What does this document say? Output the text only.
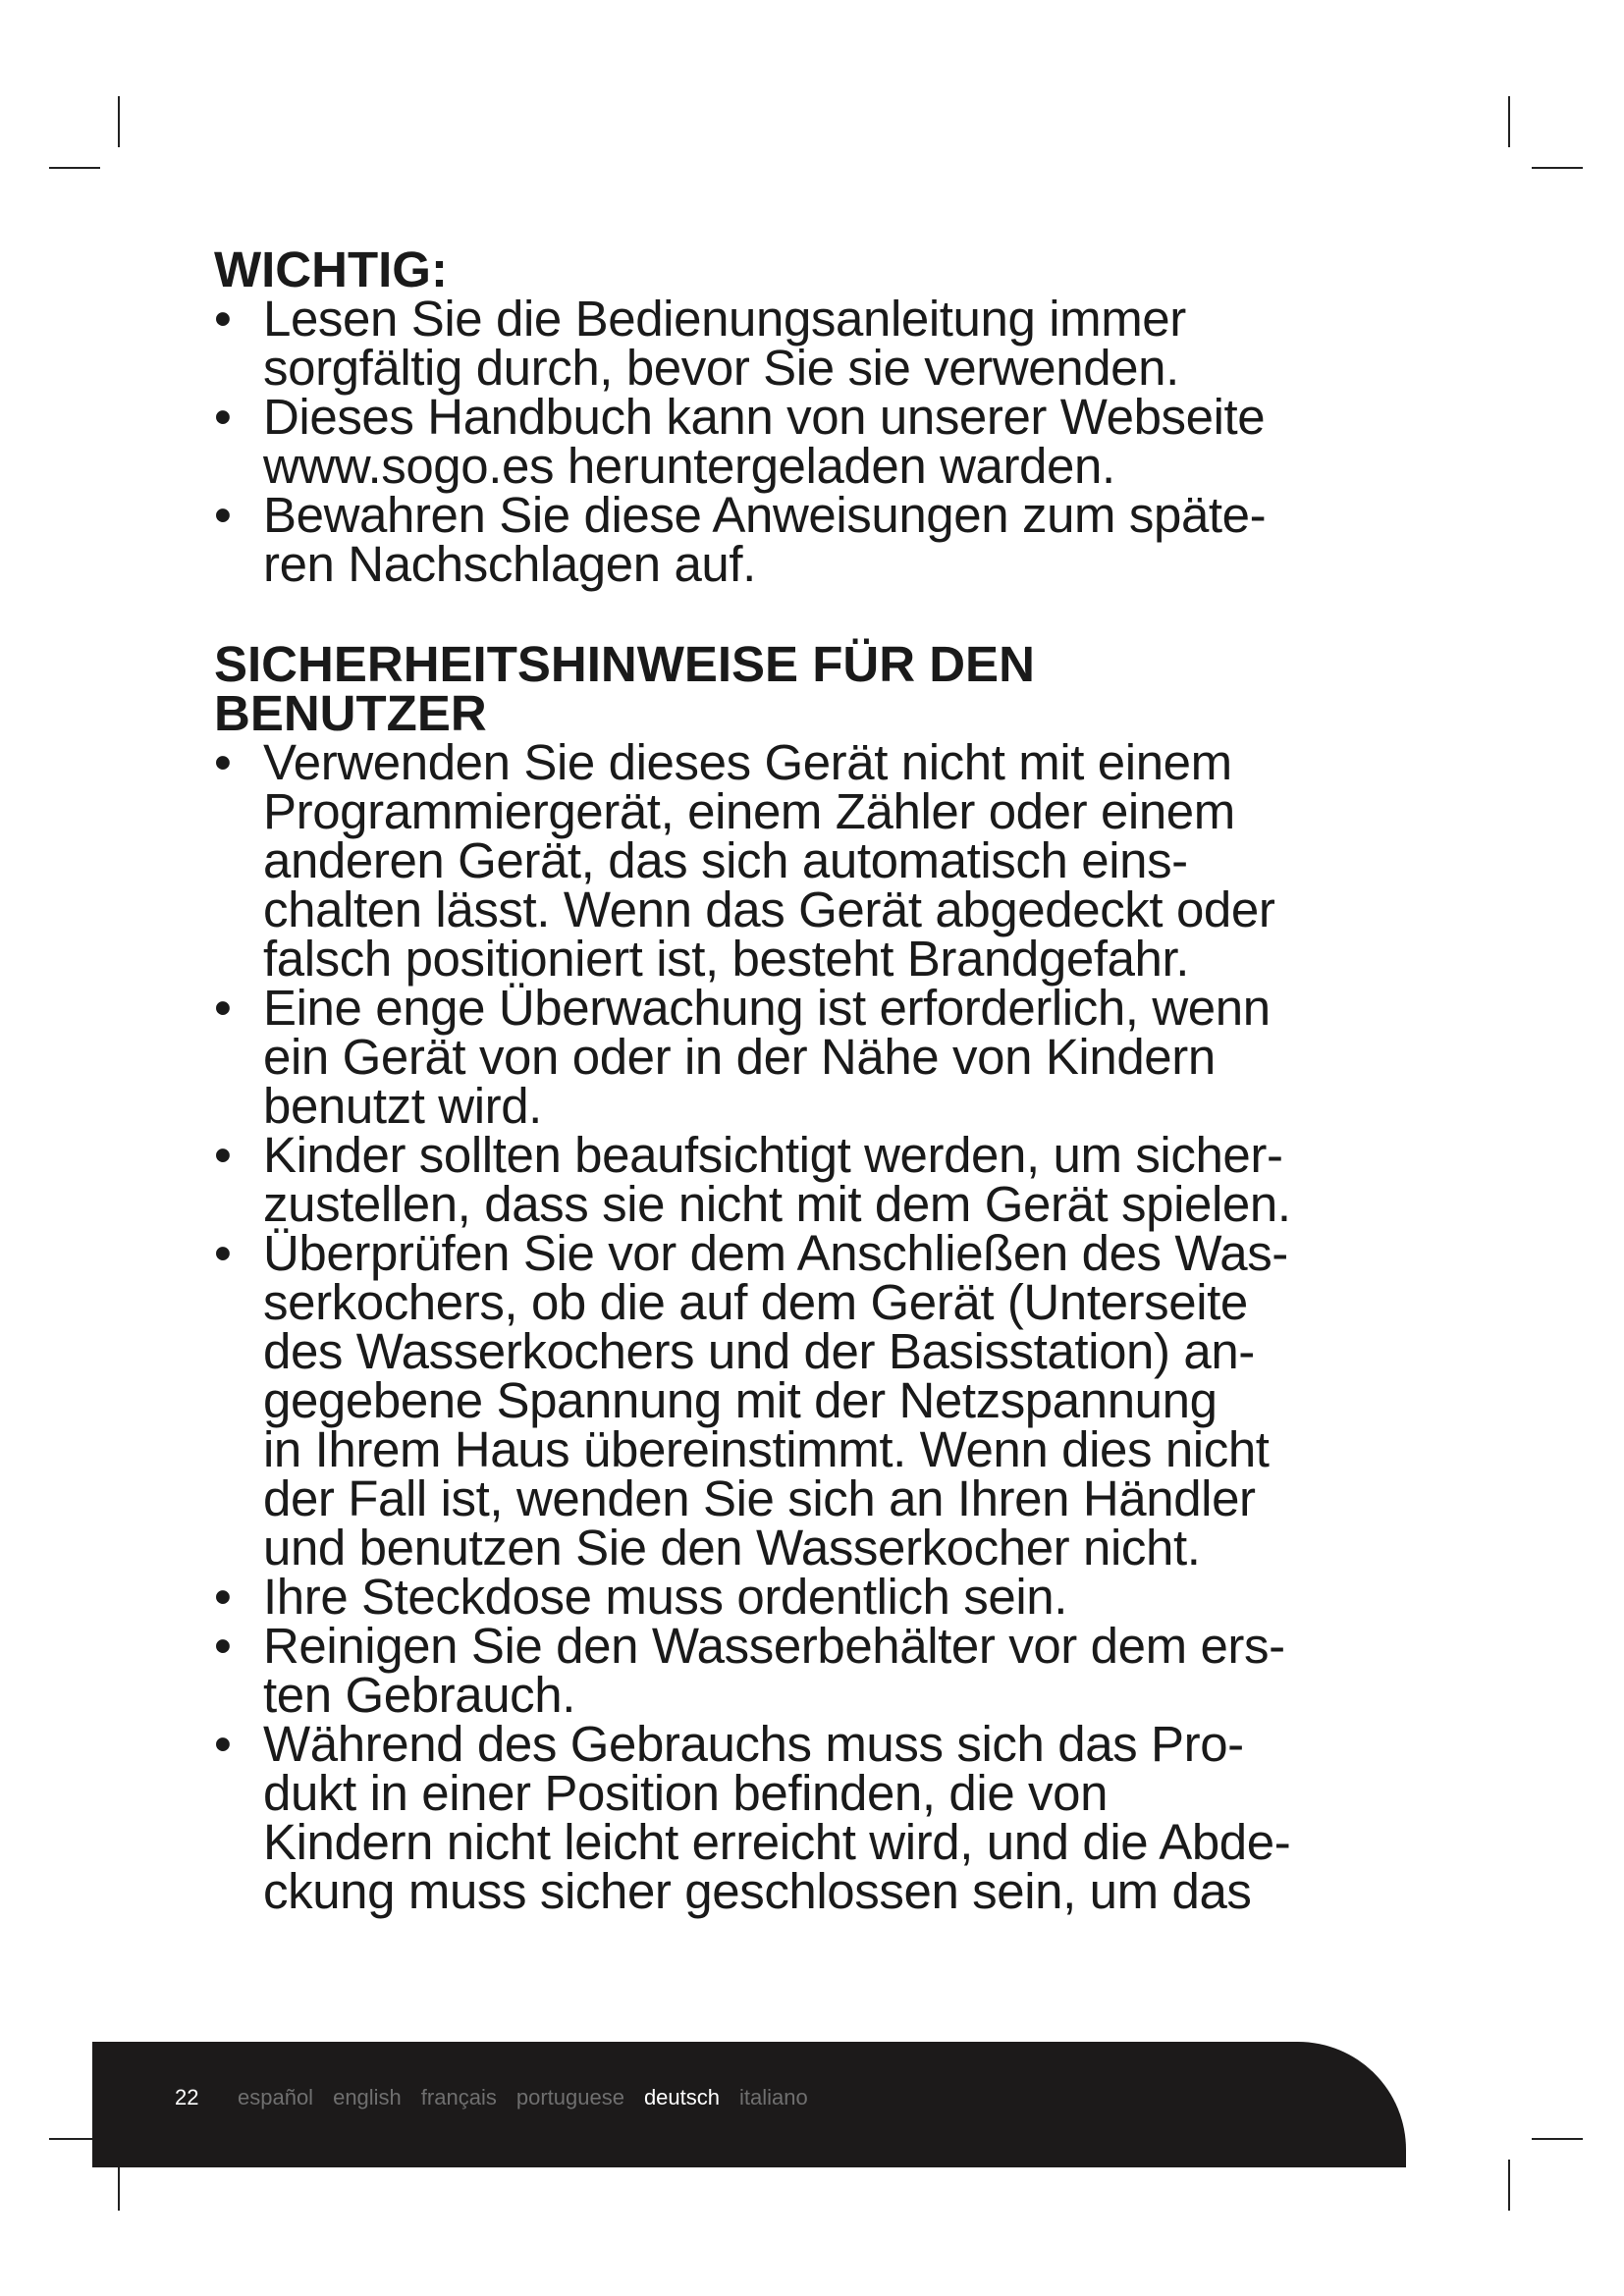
WICHTIG:
• Lesen Sie die Bedienungsanleitung immer
sorgfältig durch, bevor Sie sie verwenden.
• Dieses Handbuch kann von unserer Webseite
www.sogo.es heruntergeladen warden.
• Bewahren Sie diese Anweisungen zum späte-
ren Nachschlagen auf.
SICHERHEITSHINWEISE FÜR DEN
BENUTZER
• Verwenden Sie dieses Gerät nicht mit einem
Programmiergerät, einem Zähler oder einem
anderen Gerät, das sich automatisch eins-
chalten lässt. Wenn das Gerät abgedeckt oder
falsch positioniert ist, besteht Brandgefahr.
• Eine enge Überwachung ist erforderlich, wenn
ein Gerät von oder in der Nähe von Kindern
benutzt wird.
• Kinder sollten beaufsichtigt werden, um sicher-
zustellen, dass sie nicht mit dem Gerät spielen.
• Überprüfen Sie vor dem Anschließen des Was-
serkochers, ob die auf dem Gerät (Unterseite
des Wasserkochers und der Basisstation) an-
gegebene Spannung mit der Netzspannung
in Ihrem Haus übereinstimmt. Wenn dies nicht
der Fall ist, wenden Sie sich an Ihren Händler
und benutzen Sie den Wasserkocher nicht.
• Ihre Steckdose muss ordentlich sein.
• Reinigen Sie den Wasserbehälter vor dem ers-
ten Gebrauch.
• Während des Gebrauchs muss sich das Pro-
dukt in einer Position befinden, die von
Kindern nicht leicht erreicht wird, und die Abde-
ckung muss sicher geschlossen sein, um das
22 español english français portuguese deutsch italiano
